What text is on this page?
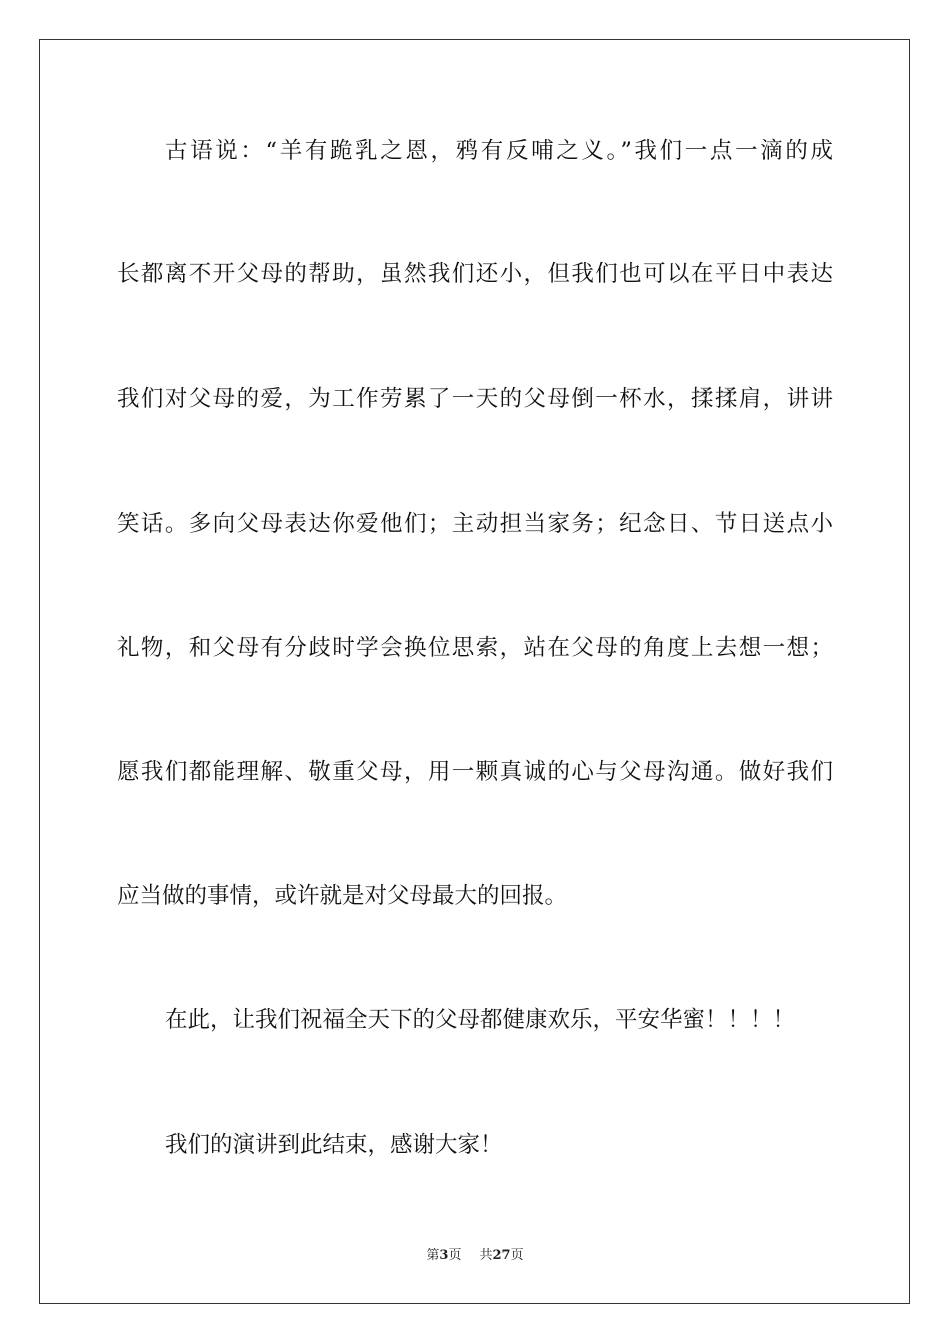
古语说：“羊有跪乳之恩，鸦有反哺之义。”我们一点一滴的成
长都离不开父母的帮助，虽然我们还小，但我们也可以在平日中表达
我们对父母的爱，为工作劳累了一天的父母倒一杯水，揉揉肩，讲讲
笑话。多向父母表达你爱他们；主动担当家务；纪念日、节日送点小
礼物，和父母有分歧时学会换位思索，站在父母的角度上去想一想；
愿我们都能理解、敬重父母，用一颗真诚的心与父母沟通。做好我们
应当做的事情，或许就是对父母最大的回报。
在此，让我们祝福全天下的父母都健康欢乐，平安华蜜！！！！
我们的演讲到此结束，感谢大家！
第3页 共27页
